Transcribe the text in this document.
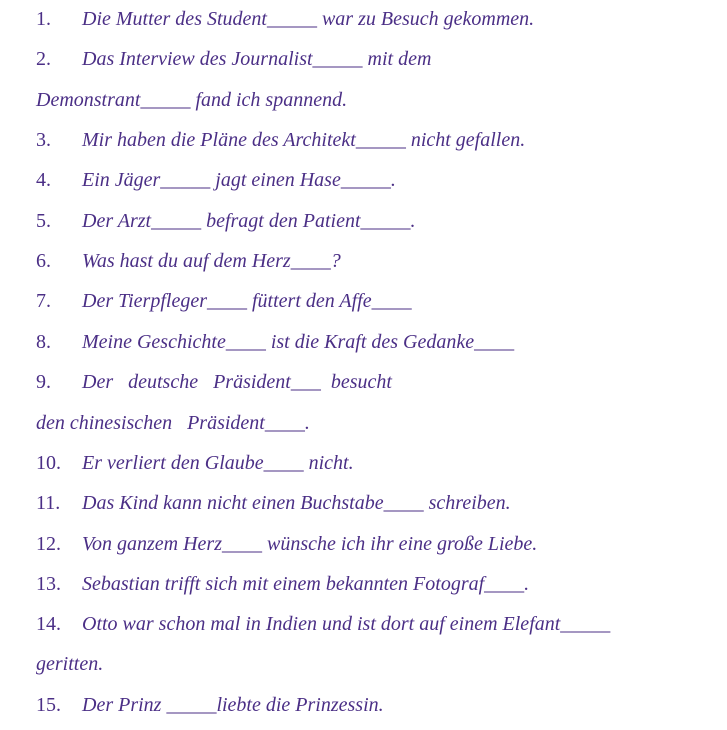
1. Die Mutter des Student_____ war zu Besuch gekommen.
2. Das Interview des Journalist_____ mit dem
Demonstrant_____ fand ich spannend.
3. Mir haben die Pläne des Architekt_____ nicht gefallen.
4. Ein Jäger_____ jagt einen Hase_____.
5. Der Arzt_____ befragt den Patient_____.
6. Was hast du auf dem Herz____?
7. Der Tierpfleger____ füttert den Affe____
8. Meine Geschichte____ ist die Kraft des Gedanke____
9. Der   deutsche   Präsident___  besucht
den chinesischen   Präsident____.
10. Er verliert den Glaube____ nicht.
11. Das Kind kann nicht einen Buchstabe____ schreiben.
12. Von ganzem Herz____ wünsche ich ihr eine große Liebe.
13. Sebastian trifft sich mit einem bekannten Fotograf____.
14. Otto war schon mal in Indien und ist dort auf einem Elefant_____
geritten.
15. Der Prinz _____liebte die Prinzessin.
